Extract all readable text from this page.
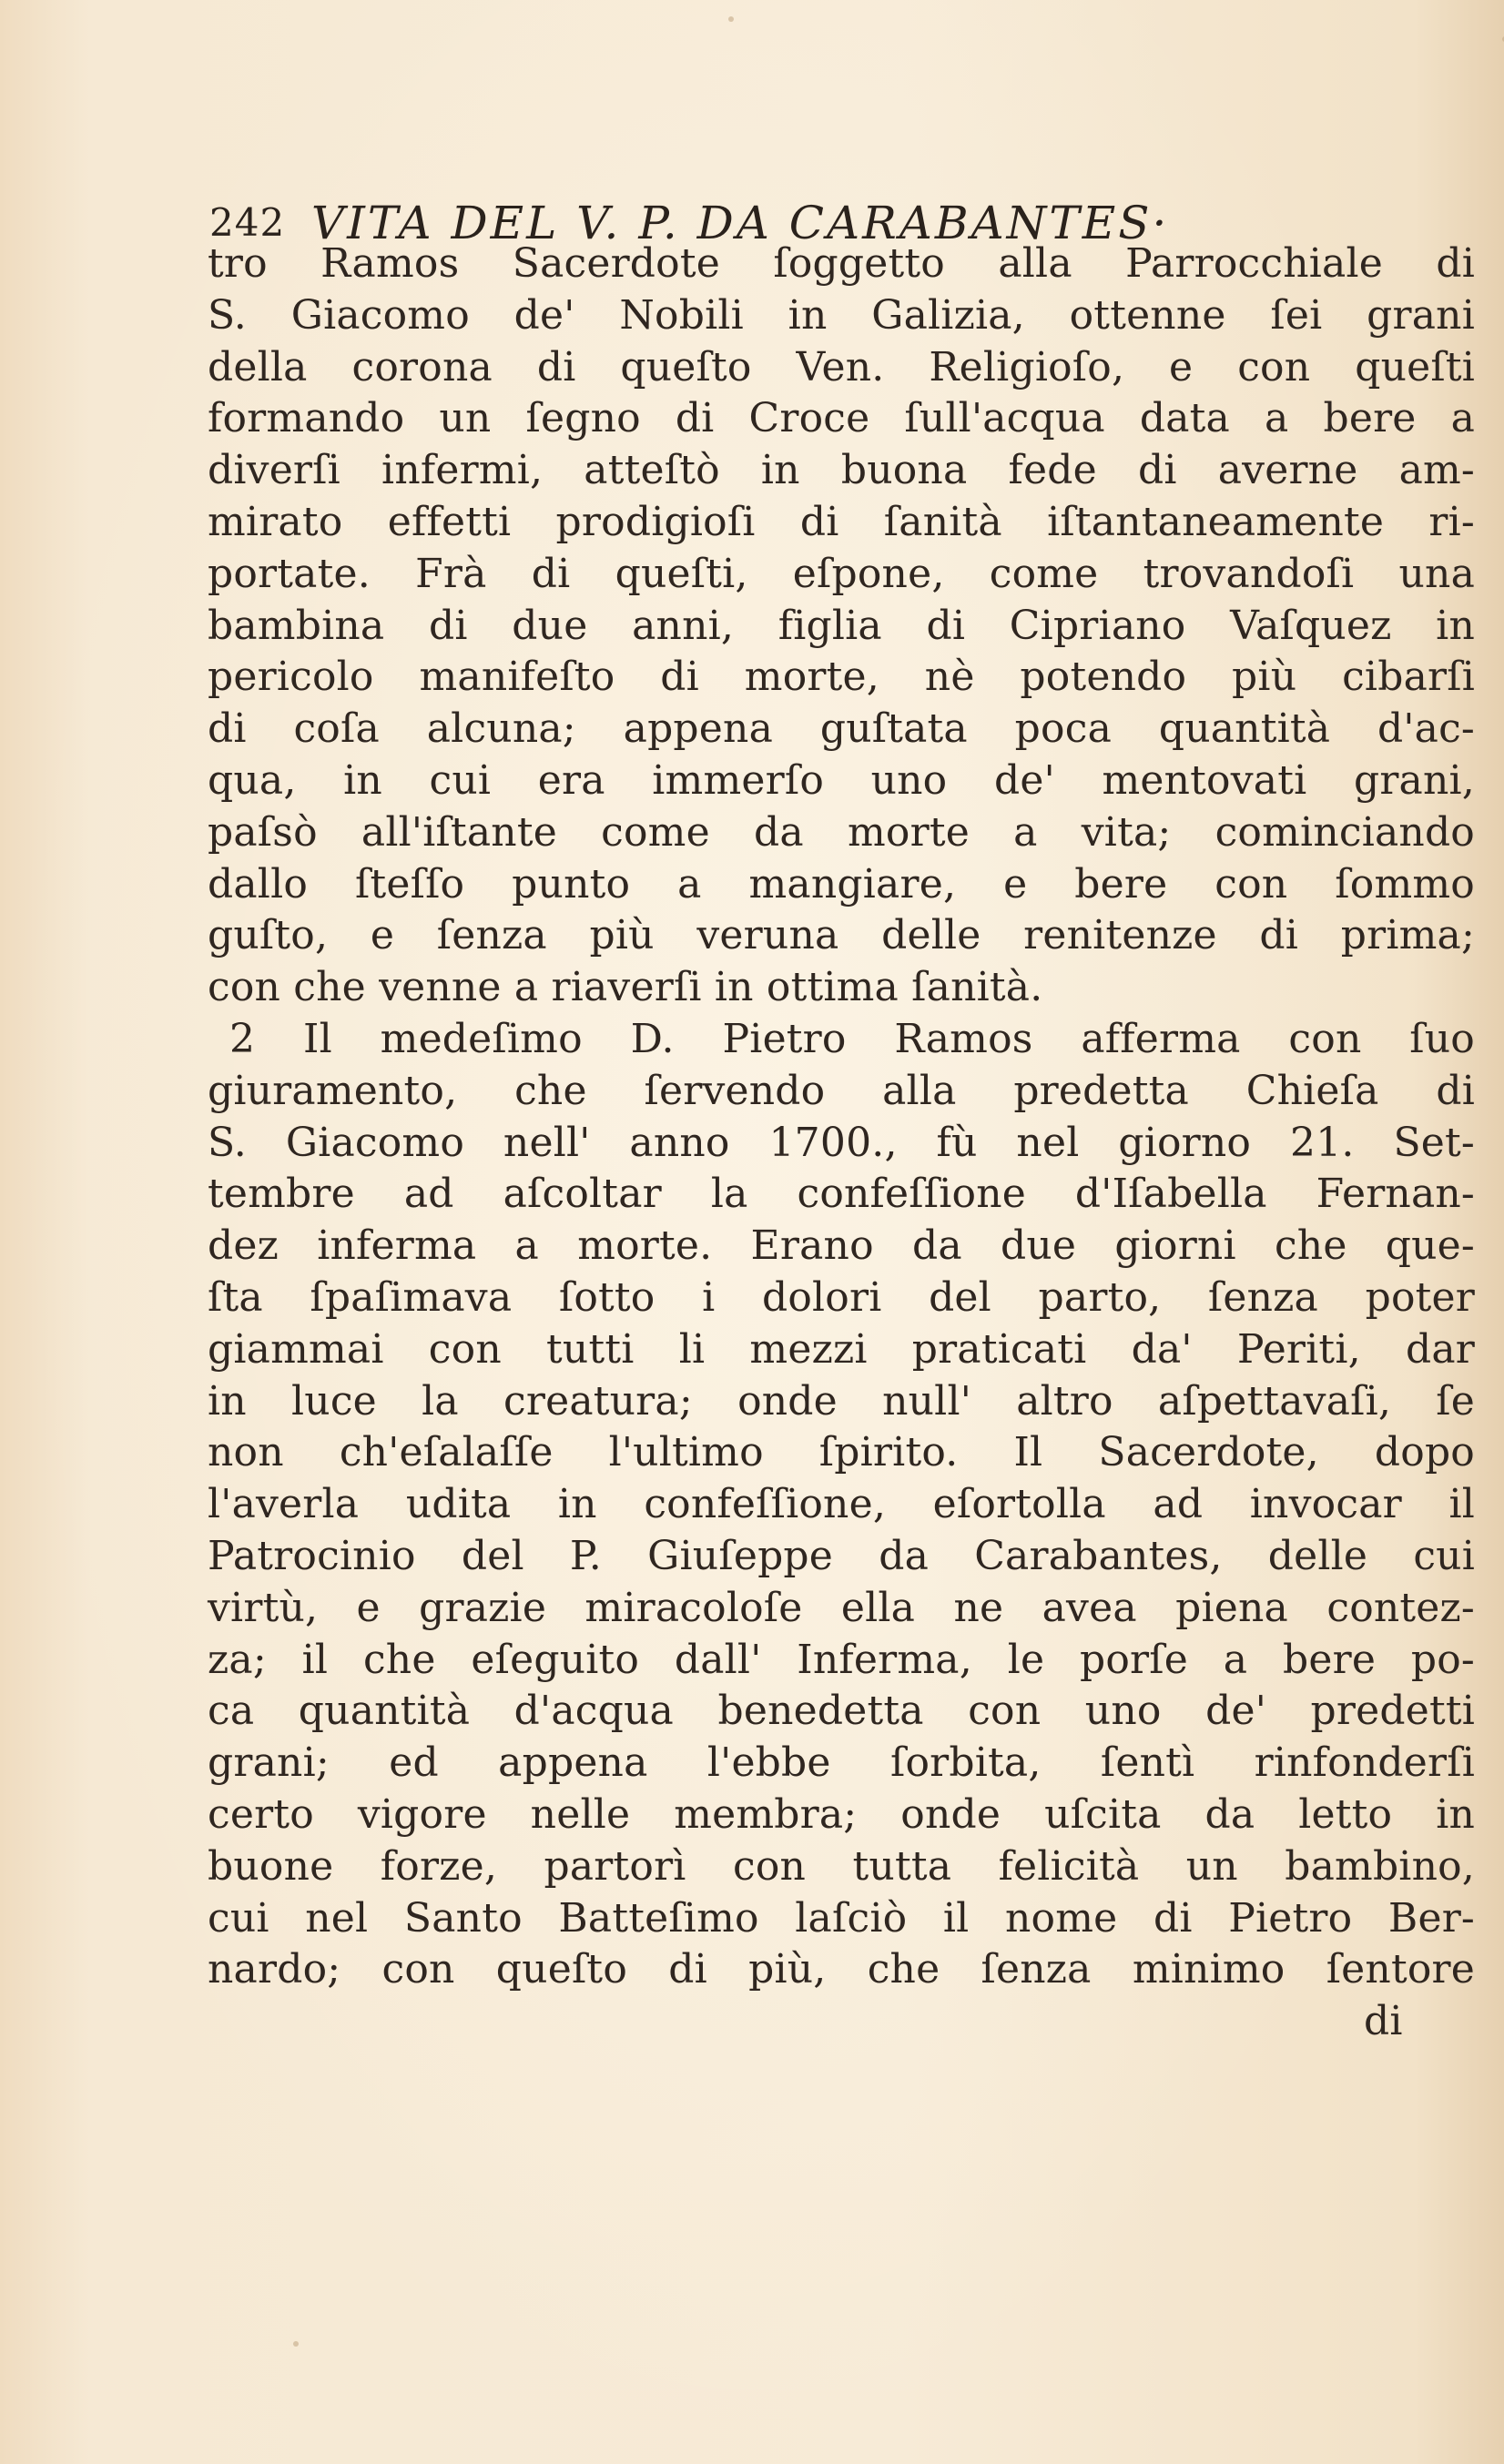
242 VITA DEL V. P. DA CARABANTES·
tro Ramos Sacerdote ſoggetto alla Parrocchiale di
S. Giacomo de' Nobili in Galizia, ottenne ſei grani
della corona di queſto Ven. Religioſo, e con queſti
formando un ſegno di Croce ſull'acqua data a bere a
diverſi infermi, atteſtò in buona fede di averne am-
mirato effetti prodigioſi di ſanità iſtantaneamente ri-
portate. Frà di queſti, eſpone, come trovandoſi una
bambina di due anni, figlia di Cipriano Vaſquez in
pericolo manifeſto di morte, nè potendo più cibarſi
di coſa alcuna; appena guſtata poca quantità d'ac-
qua, in cui era immerſo uno de' mentovati grani,
paſsò all'iſtante come da morte a vita; cominciando
dallo ſteſſo punto a mangiare, e bere con ſommo
guſto, e ſenza più veruna delle renitenze di prima;
con che venne a riaverſi in ottima ſanità.
2 Il medeſimo D. Pietro Ramos afferma con ſuo
giuramento, che ſervendo alla predetta Chieſa di
S. Giacomo nell' anno 1700., fù nel giorno 21. Set-
tembre ad aſcoltar la confeſſione d'Iſabella Fernan-
dez inferma a morte. Erano da due giorni che que-
ſta ſpaſimava ſotto i dolori del parto, ſenza poter
giammai con tutti li mezzi praticati da' Periti, dar
in luce la creatura; onde null' altro aſpettavaſi, ſe
non ch'eſalaſſe l'ultimo ſpirito. Il Sacerdote, dopo
l'averla udita in confeſſione, eſortolla ad invocar il
Patrocinio del P. Giuſeppe da Carabantes, delle cui
virtù, e grazie miracoloſe ella ne avea piena contez-
za; il che eſeguito dall' Inferma, le porſe a bere po-
ca quantità d'acqua benedetta con uno de' predetti
grani; ed appena l'ebbe ſorbita, ſentì rinfonderſi
certo vigore nelle membra; onde uſcita da letto in
buone forze, partorì con tutta felicità un bambino,
cui nel Santo Batteſimo laſciò il nome di Pietro Ber-
nardo; con queſto di più, che ſenza minimo ſentore
di
